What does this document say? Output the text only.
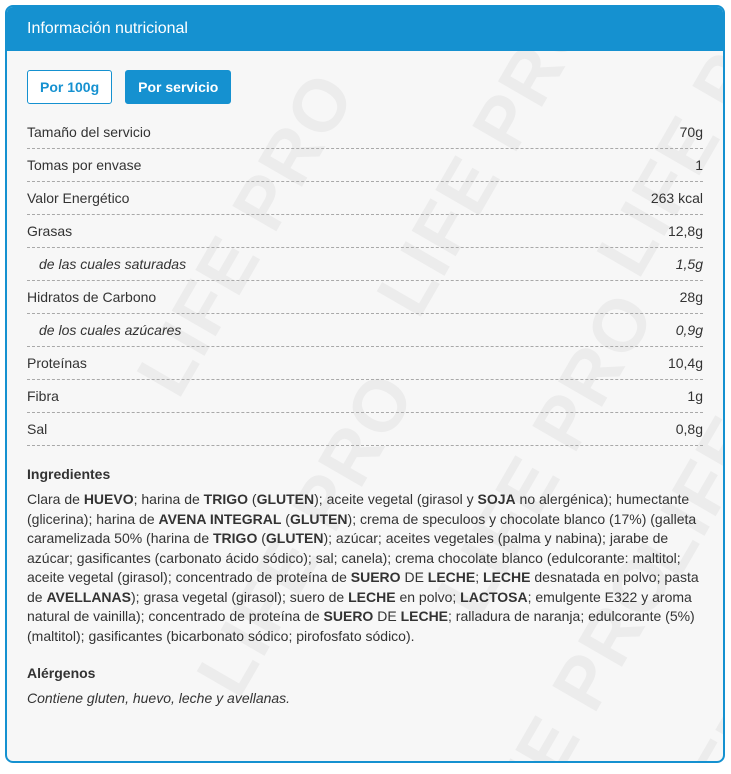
Información nutricional
Por 100g	Por servicio
Tamaño del servicio	70g
Tomas por envase	1
Valor Energético	263 kcal
Grasas	12,8g
de las cuales saturadas	1,5g
Hidratos de Carbono	28g
de los cuales azúcares	0,9g
Proteínas	10,4g
Fibra	1g
Sal	0,8g
Ingredientes

Clara de HUEVO; harina de TRIGO (GLUTEN); aceite vegetal (girasol y SOJA no alergénica); humectante (glicerina); harina de AVENA INTEGRAL (GLUTEN); crema de speculoos y chocolate blanco (17%) (galleta caramelizada 50% (harina de TRIGO (GLUTEN); azúcar; aceites vegetales (palma y nabina); jarabe de azúcar; gasificantes (carbonato ácido sódico); sal; canela); crema chocolate blanco (edulcorante: maltitol; aceite vegetal (girasol); concentrado de proteína de SUERO DE LECHE; LECHE desnatada en polvo; pasta de AVELLANAS); grasa vegetal (girasol); suero de LECHE en polvo; LACTOSA; emulgente E322 y aroma natural de vainilla); concentrado de proteína de SUERO DE LECHE; ralladura de naranja; edulcorante (5%) (maltitol); gasificantes (bicarbonato sódico; pirofosfato sódico).

Alérgenos

Contiene gluten, huevo, leche y avellanas.
